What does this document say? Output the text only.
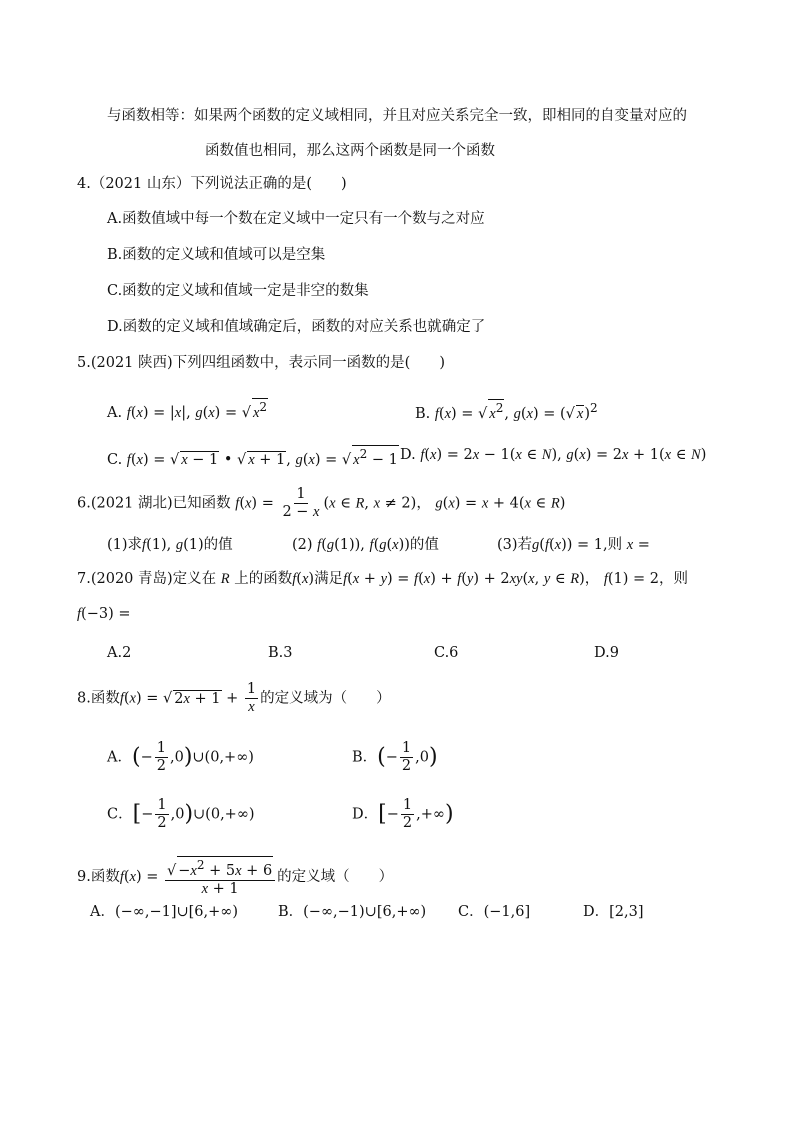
与函数相等：如果两个函数的定义域相同，并且对应关系完全一致，即相同的自变量对应的
函数值也相同，那么这两个函数是同一个函数
4.（2021 山东）下列说法正确的是(　　)
A.函数值域中每一个数在定义域中一定只有一个数与之对应
B.函数的定义域和值域可以是空集
C.函数的定义域和值域一定是非空的数集
D.函数的定义域和值域确定后，函数的对应关系也就确定了
5.(2021 陕西)下列四组函数中，表示同一函数的是(　　)
A. f(x) = |x|, g(x) = √ $x^2$	B. f(x) = √ $x^2$, g(x) = (√ x)$^2$
C. f(x) = √ x − 1 • √ x + 1, g(x) = √ $x^2 - 1$ D. f(x) = 2x − 1(x ∈ N), g(x) = 2x + 1(x ∈ N)
6.(2021 湖北)已知函数 $f(x) = \frac{1}{2 - x} (x$ ∈ R, x ≠ 2)， g(x) = x + 4(x ∈ R)
(1)求f(1), g(1)的值	(2) f(g(1)), f(g(x))的值	(3)若g(f(x)) = 1,则 x =
7.(2020 青岛)定义在 R 上的函数f(x)满足f(x + y) = f(x) + f(y) + 2xy(x, y ∈ R)， f(1) = 2，则
f(−3) =
A.2	B.3	C.6	D.9
8.函数f(x) = √ $2x + 1 + \frac{1}{x}$ 的定义域为（　　）
A．(− $\frac{1}{2}$ ,0)∪(0,+∞)	B．(− $\frac{1}{2} ,0$)
C．[− $\frac{1}{2}$ ,0)∪(0,+∞)	D．[− $\frac{1}{2}$ ,+∞)
9.函数$f(x) = \frac{√ -x^2 + 5x + 6}{x + 1}$ 的定义域（　　）
A．(−∞,−1]∪[6,+∞)	B．(−∞,−1)∪[6,+∞) C．(−1,6]	D．[2,3]
